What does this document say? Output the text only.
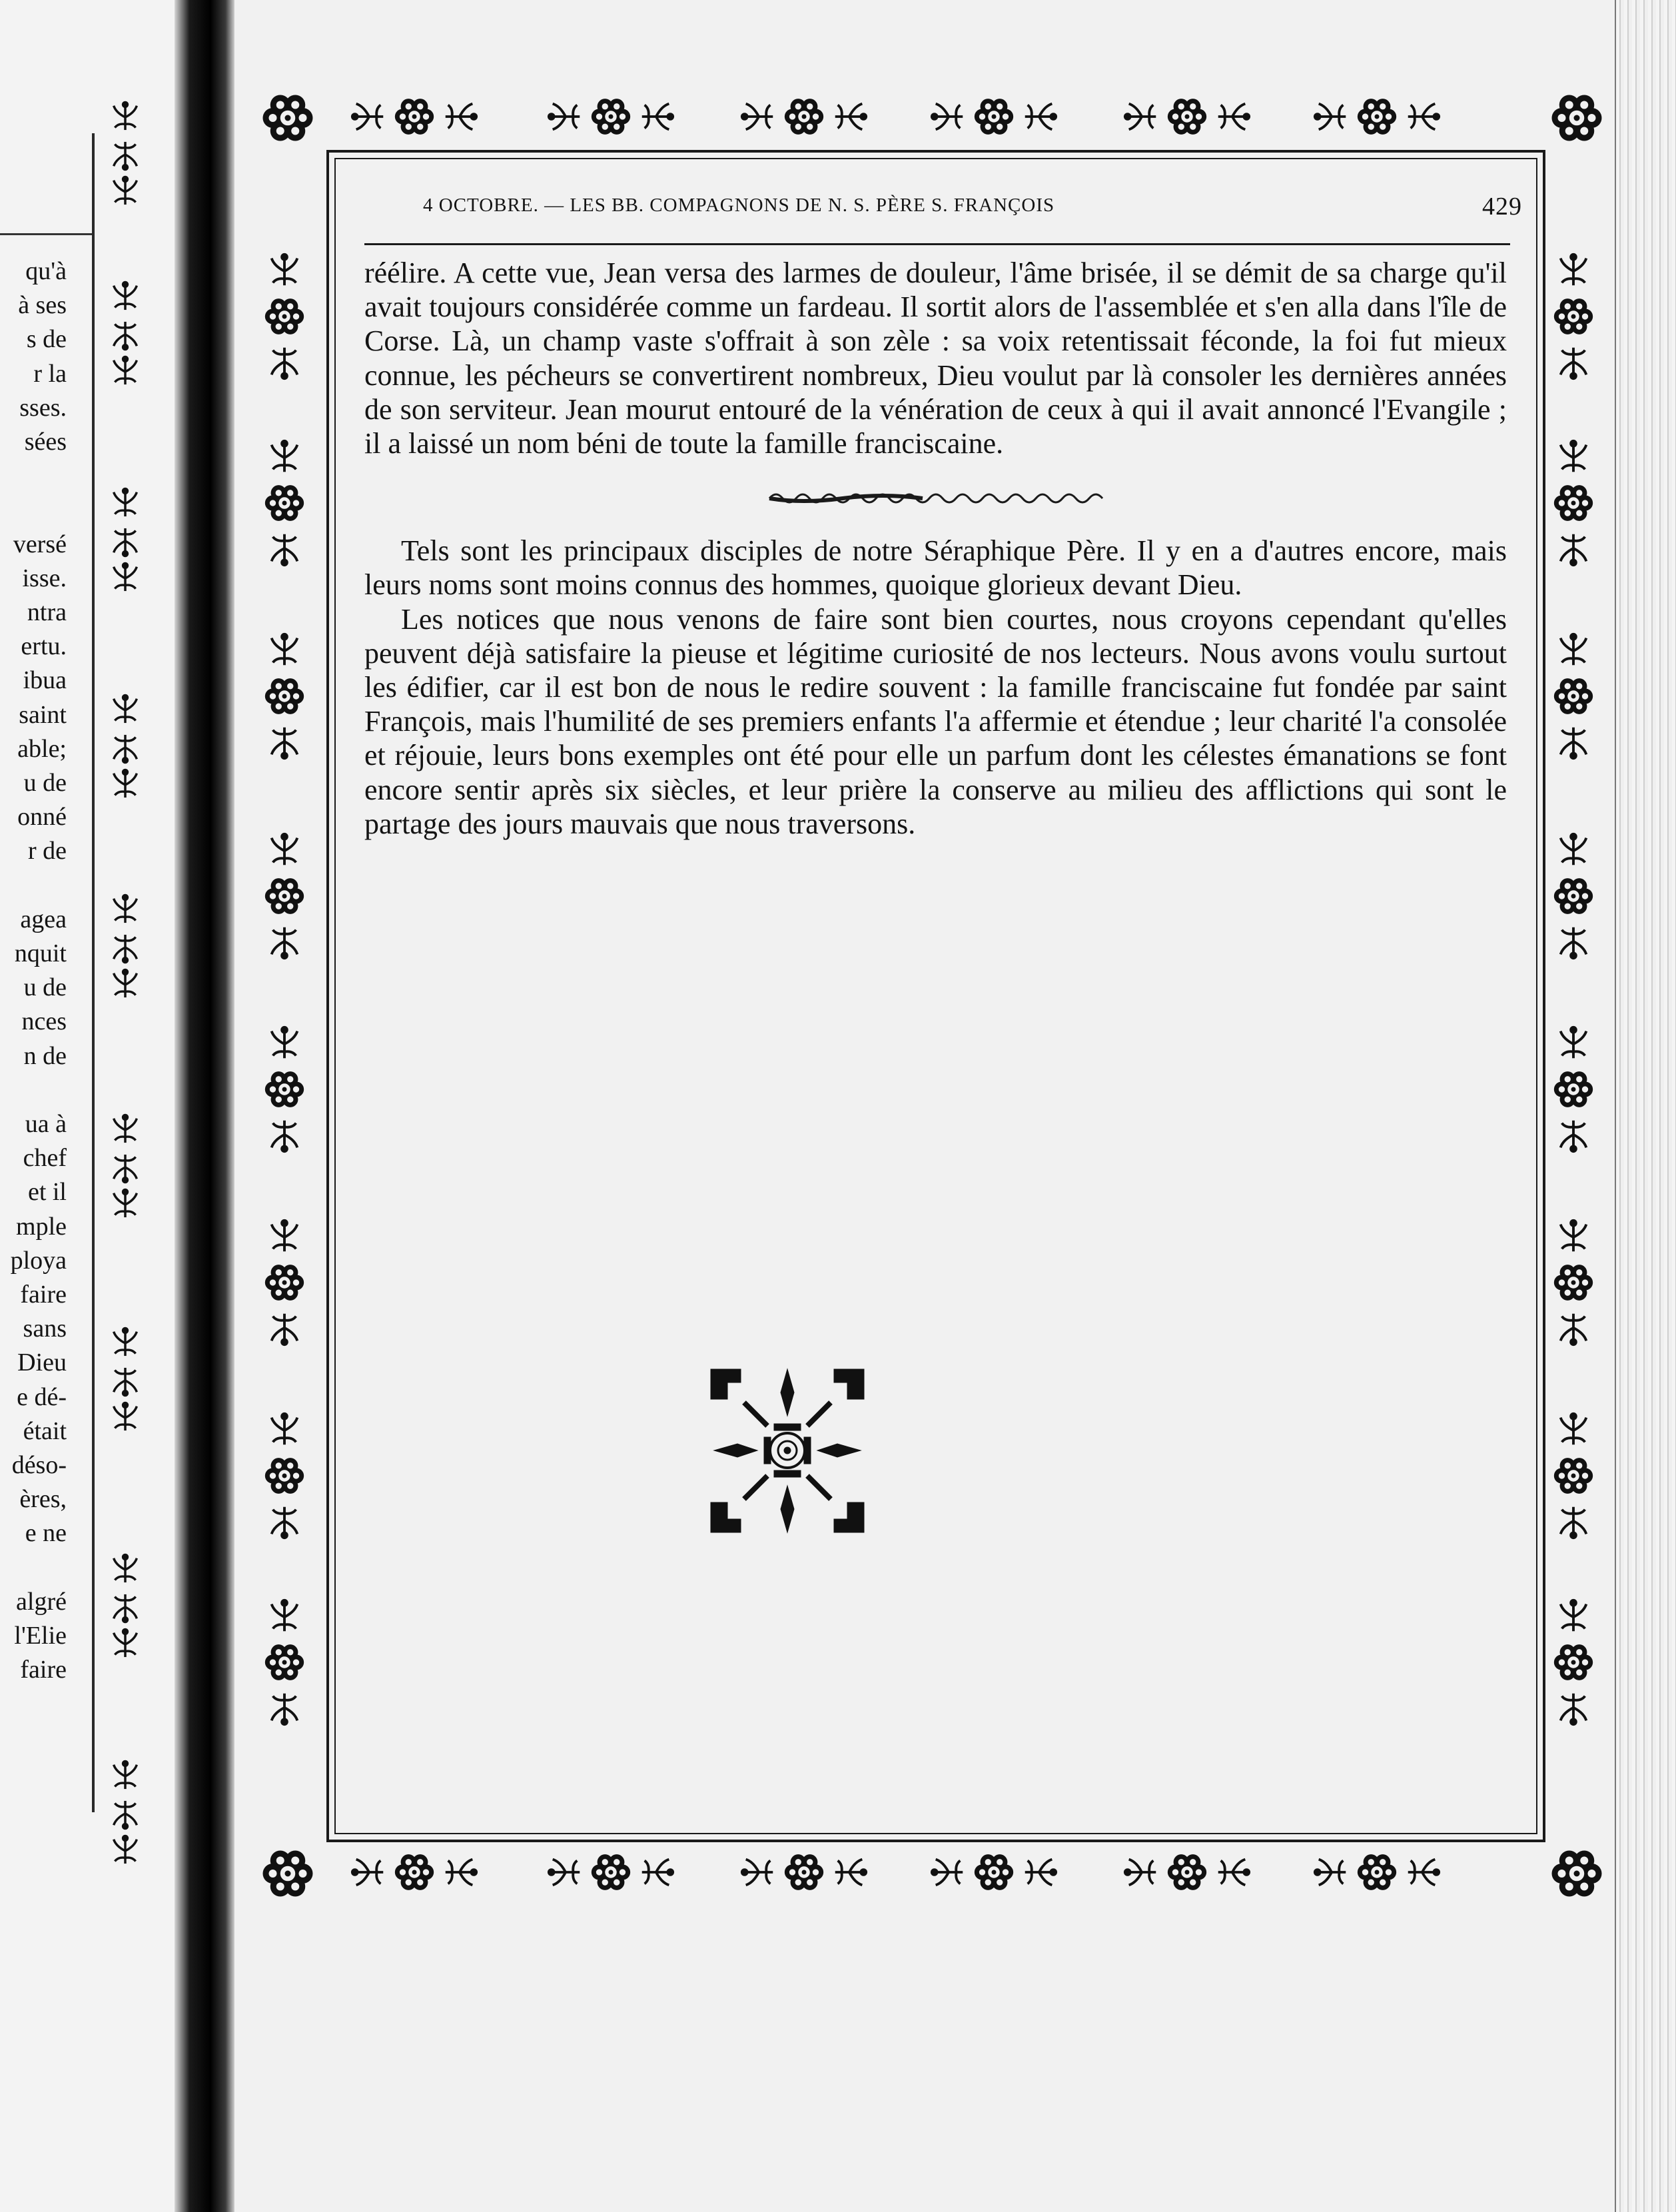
qu'à
à ses
s de
r la
sses.
sées
versé
isse.
ntra
ertu.
ibua
saint
able;
u de
onné
r de
agea
nquit
u de
nces
n de
ua à
chef
et il
mple
ploya
faire
sans
Dieu
e dé-
était
déso-
ères,
e ne
algré
l'Elie
faire
4 OCTOBRE. — LES BB. COMPAGNONS DE N. S. PÈRE S. FRANÇOIS	429

réélire. A cette vue, Jean versa des larmes de douleur, l'âme brisée, il se démit de sa charge qu'il avait toujours considérée comme un fardeau. Il sortit alors de l'assemblée et s'en alla dans l'île de Corse. Là, un champ vaste s'offrait à son zèle : sa voix retentissait féconde, la foi fut mieux connue, les pécheurs se convertirent nombreux, Dieu voulut par là consoler les dernières années de son serviteur. Jean mourut entouré de la vénération de ceux à qui il avait annoncé l'Evangile ; il a laissé un nom béni de toute la famille franciscaine.

Tels sont les principaux disciples de notre Séraphique Père. Il y en a d'autres encore, mais leurs noms sont moins connus des hommes, quoique glorieux devant Dieu.

Les notices que nous venons de faire sont bien courtes, nous croyons cependant qu'elles peuvent déjà satisfaire la pieuse et légitime curiosité de nos lecteurs. Nous avons voulu surtout les édifier, car il est bon de nous le redire souvent : la famille franciscaine fut fondée par saint François, mais l'humilité de ses premiers enfants l'a affermie et étendue ; leur charité l'a consolée et réjouie, leurs bons exemples ont été pour elle un parfum dont les célestes émanations se font encore sentir après six siècles, et leur prière la conserve au milieu des afflictions qui sont le partage des jours mauvais que nous traversons.
